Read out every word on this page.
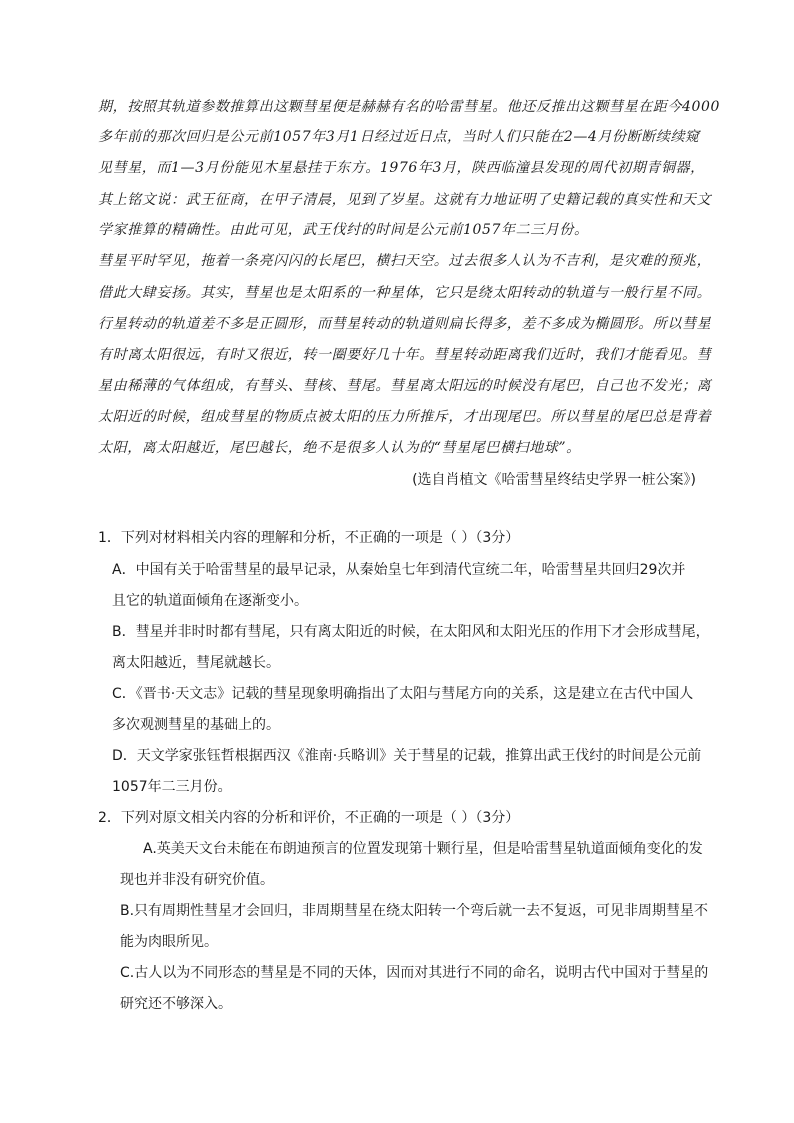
期，按照其轨道参数推算出这颗彗星便是赫赫有名的哈雷彗星。他还反推出这颗彗星在距今4000
多年前的那次回归是公元前1057年3月1日经过近日点，当时人们只能在2—4月份断断续续窥
见彗星，而1—3月份能见木星悬挂于东方。1976年3月，陕西临潼县发现的周代初期青铜器，
其上铭文说：武王征商，在甲子清晨，见到了岁星。这就有力地证明了史籍记载的真实性和天文
学家推算的精确性。由此可见，武王伐纣的时间是公元前1057年二三月份。
彗星平时罕见，拖着一条亮闪闪的长尾巴，横扫天空。过去很多人认为不吉利，是灾难的预兆，
借此大肆妄扬。其实，彗星也是太阳系的一种星体，它只是绕太阳转动的轨道与一般行星不同。
行星转动的轨道差不多是正圆形，而彗星转动的轨道则扁长得多，差不多成为椭圆形。所以彗星
有时离太阳很远，有时又很近，转一圈要好几十年。彗星转动距离我们近时，我们才能看见。彗
星由稀薄的气体组成，有彗头、彗核、彗尾。彗星离太阳远的时候没有尾巴，自己也不发光；离
太阳近的时候，组成彗星的物质点被太阳的压力所推斥，才出现尾巴。所以彗星的尾巴总是背着
太阳，离太阳越近，尾巴越长，绝不是很多人认为的“彗星尾巴横扫地球”。
(选自肖植文《哈雷彗星终结史学界一桩公案》)
1．下列对材料相关内容的理解和分析，不正确的一项是（ ）（3分）
A．中国有关于哈雷彗星的最早记录，从秦始皇七年到清代宣统二年，哈雷彗星共回归29次并
且它的轨道面倾角在逐渐变小。
B．彗星并非时时都有彗尾，只有离太阳近的时候，在太阳风和太阳光压的作用下才会形成彗尾，
离太阳越近，彗尾就越长。
C．《晋书·天文志》记载的彗星现象明确指出了太阳与彗尾方向的关系，这是建立在古代中国人
多次观测彗星的基础上的。
D．天文学家张钰哲根据西汉《淮南·兵略训》关于彗星的记载，推算出武王伐纣的时间是公元前
1057年二三月份。
2．下列对原文相关内容的分析和评价，不正确的一项是（ ）（3分）
A.英美天文台未能在布朗迪预言的位置发现第十颗行星，但是哈雷彗星轨道面倾角变化的发
现也并非没有研究价值。
B.只有周期性彗星才会回归，非周期彗星在绕太阳转一个弯后就一去不复返，可见非周期彗星不
能为肉眼所见。
C.古人以为不同形态的彗星是不同的天体，因而对其进行不同的命名，说明古代中国对于彗星的
研究还不够深入。
